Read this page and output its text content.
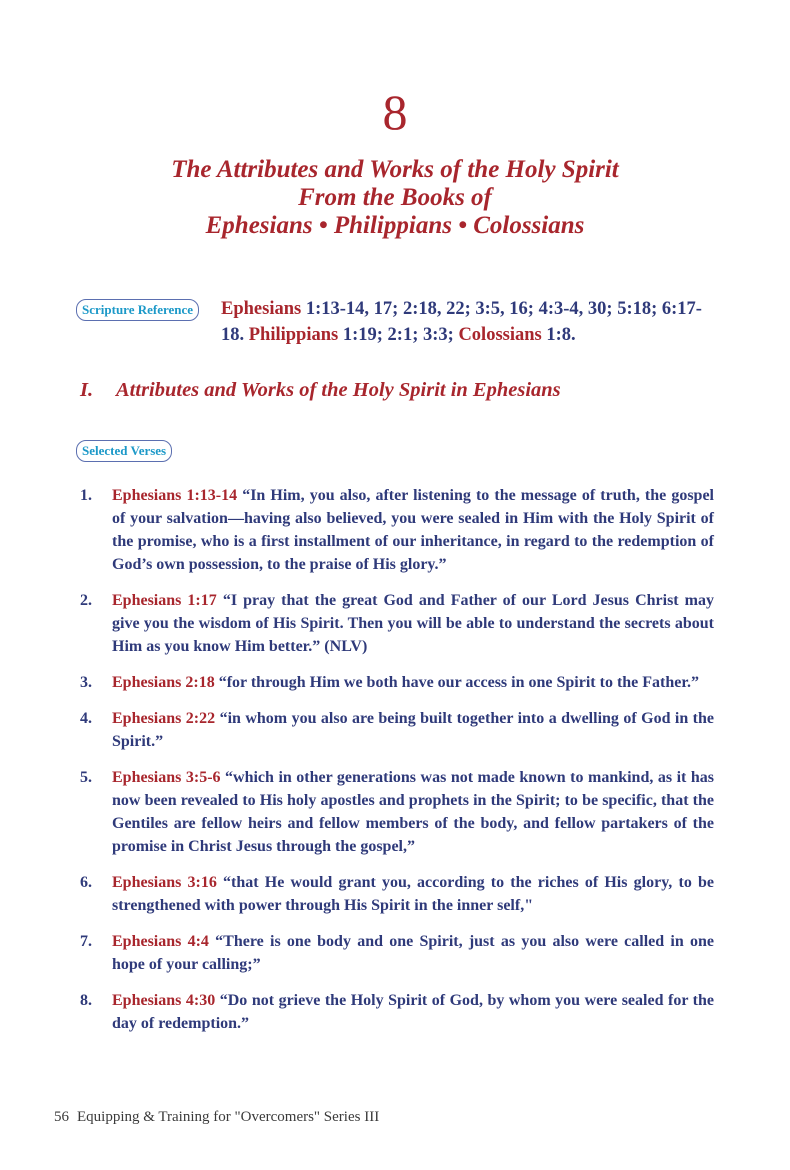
8
The Attributes and Works of the Holy Spirit
From the Books of
Ephesians • Philippians • Colossians
Scripture Reference	Ephesians 1:13-14, 17; 2:18, 22; 3:5, 16; 4:3-4, 30; 5:18; 6:17-18. Philippians 1:19; 2:1; 3:3; Colossians 1:8.
I. Attributes and Works of the Holy Spirit in Ephesians
Selected Verses
1. Ephesians 1:13-14 “In Him, you also, after listening to the message of truth, the gospel of your salvation—having also believed, you were sealed in Him with the Holy Spirit of the promise, who is a first installment of our inheritance, in regard to the redemption of God’s own possession, to the praise of His glory.”
2. Ephesians 1:17 “I pray that the great God and Father of our Lord Jesus Christ may give you the wisdom of His Spirit. Then you will be able to understand the secrets about Him as you know Him better.” (NLV)
3. Ephesians 2:18 “for through Him we both have our access in one Spirit to the Father.”
4. Ephesians 2:22 “in whom you also are being built together into a dwelling of God in the Spirit.”
5. Ephesians 3:5-6 “which in other generations was not made known to mankind, as it has now been revealed to His holy apostles and prophets in the Spirit; to be specific, that the Gentiles are fellow heirs and fellow members of the body, and fellow partakers of the promise in Christ Jesus through the gospel,”
6. Ephesians 3:16 “that He would grant you, according to the riches of His glory, to be strengthened with power through His Spirit in the inner self,"
7. Ephesians 4:4 “There is one body and one Spirit, just as you also were called in one hope of your calling;”
8. Ephesians 4:30 “Do not grieve the Holy Spirit of God, by whom you were sealed for the day of redemption.”
56 Equipping & Training for "Overcomers" Series III
